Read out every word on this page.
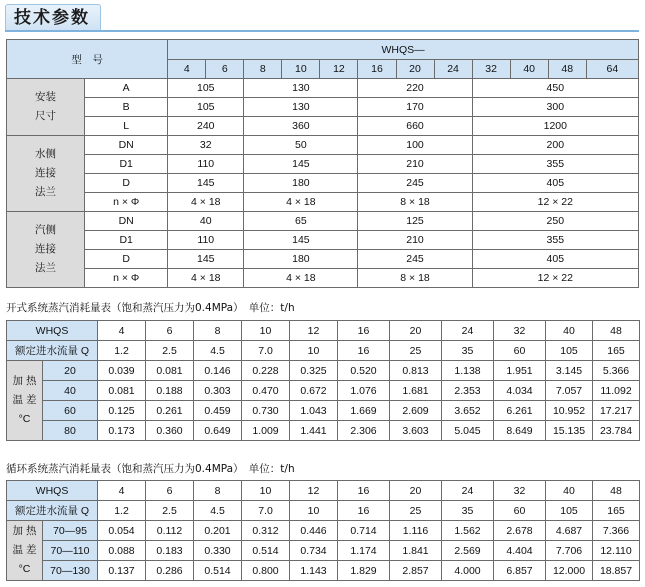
技术参数
型　号		WHQS—											
		4	6	8	10	12	16	20	24	32	40	48	64

安装
尺寸	A	105		130			220			450			
	B	105		130			170			300			
	L	240		360			660			1200			

水侧
连接
法兰	DN	32		50			100			200			
	D1	110		145			210			355			
	D	145		180			245			405			
	n × Φ	4 × 18		4 × 18			8 × 18			12 × 22			

汽侧
连接
法兰	DN	40		65			125			250			
	D1	110		145			210			355			
	D	145		180			245			405			
	n × Φ	4 × 18		4 × 18			8 × 18			12 × 22			
开式系统蒸汽消耗量表（饱和蒸汽压力为0.4MPa）　单位：t/h
WHQS		4	6	8	10	12	16	20	24	32	40	48
额定进水流量 Q		1.2	2.5	4.5	7.0	10	16	25	35	60	105	165

加 热
温 差
°C	20	0.039	0.081	0.146	0.228	0.325	0.520	0.813	1.138	1.951	3.145	5.366
	40	0.081	0.188	0.303	0.470	0.672	1.076	1.681	2.353	4.034	7.057	11.092
	60	0.125	0.261	0.459	0.730	1.043	1.669	2.609	3.652	6.261	10.952	17.217
	80	0.173	0.360	0.649	1.009	1.441	2.306	3.603	5.045	8.649	15.135	23.784
循环系统蒸汽消耗量表（饱和蒸汽压力为0.4MPa）　单位：t/h
WHQS		4	6	8	10	12	16	20	24	32	40	48
额定进水流量 Q		1.2	2.5	4.5	7.0	10	16	25	35	60	105	165

加 热
温 差
°C	70—95	0.054	0.112	0.201	0.312	0.446	0.714	1.116	1.562	2.678	4.687	7.366
	70—110	0.088	0.183	0.330	0.514	0.734	1.174	1.841	2.569	4.404	7.706	12.110
	70—130	0.137	0.286	0.514	0.800	1.143	1.829	2.857	4.000	6.857	12.000	18.857
